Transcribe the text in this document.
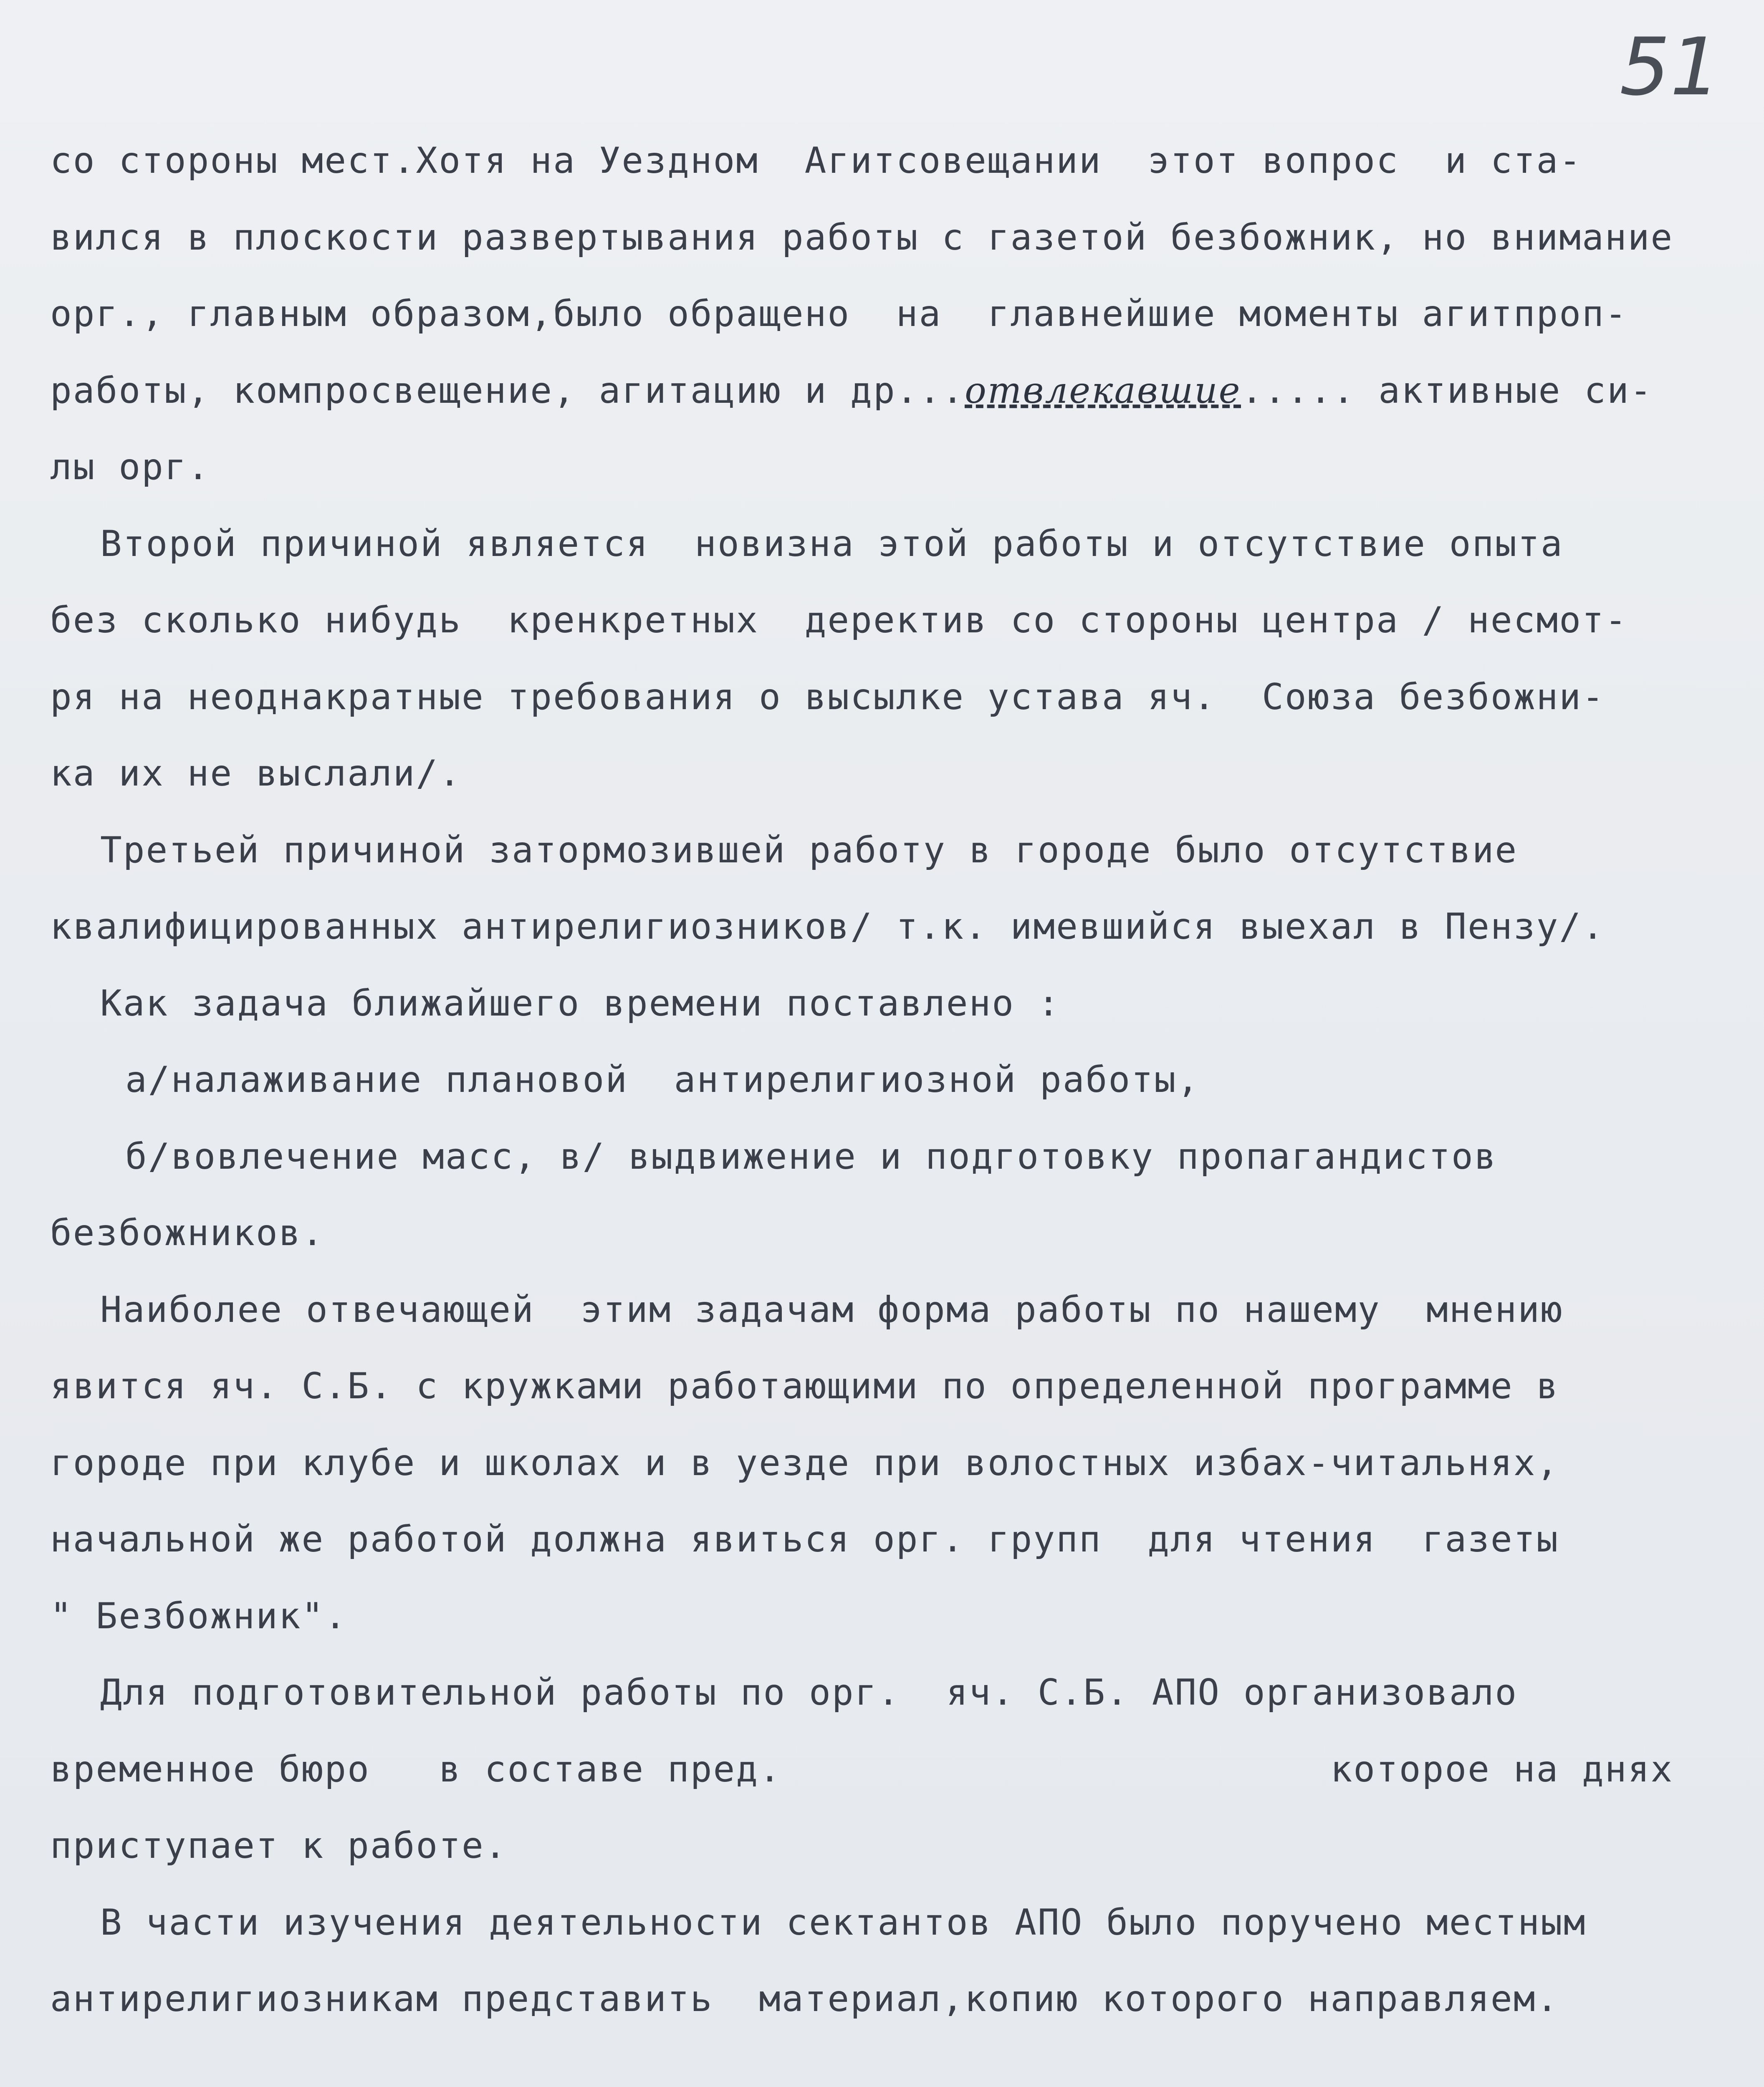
51
со стороны мест.Хотя на Уездном  Агитсовещании  этот вопрос  и ста-
вился в плоскости развертывания работы с газетой безбожник, но внимание
орг., главным образом,было обращено  на  главнейшие моменты агитпроп-
работы, компросвещение, агитацию и др...отвлекавшие..... активные си-
лы орг.
Второй причиной является  новизна этой работы и отсутствие опыта
без сколько нибудь  кренкретных  деректив со стороны центра / несмот-
ря на неоднакратные требования о высылке устава яч.  Союза безбожни-
ка их не выслали/.
Третьей причиной затормозившей работу в городе было отсутствие
квалифицированных антирелигиозников/ т.к. имевшийся выехал в Пензу/.
Как задача ближайшего времени поставлено :
а/налаживание плановой  антирелигиозной работы,
б/вовлечение масс, в/ выдвижение и подготовку пропагандистов
безбожников.
Наиболее отвечающей  этим задачам форма работы по нашему  мнению
явится яч. С.Б. с кружками работающими по определенной программе в
городе при клубе и школах и в уезде при волостных избах-читальнях,
начальной же работой должна явиться орг. групп  для чтения  газеты
" Безбожник".
Для подготовительной работы по орг.  яч. С.Б. АПО организовало
временное бюро   в составе пред.                        которое на днях
приступает к работе.
В части изучения деятельности сектантов АПО было поручено местным
антирелигиозникам представить  материал,копию которого направляем.
